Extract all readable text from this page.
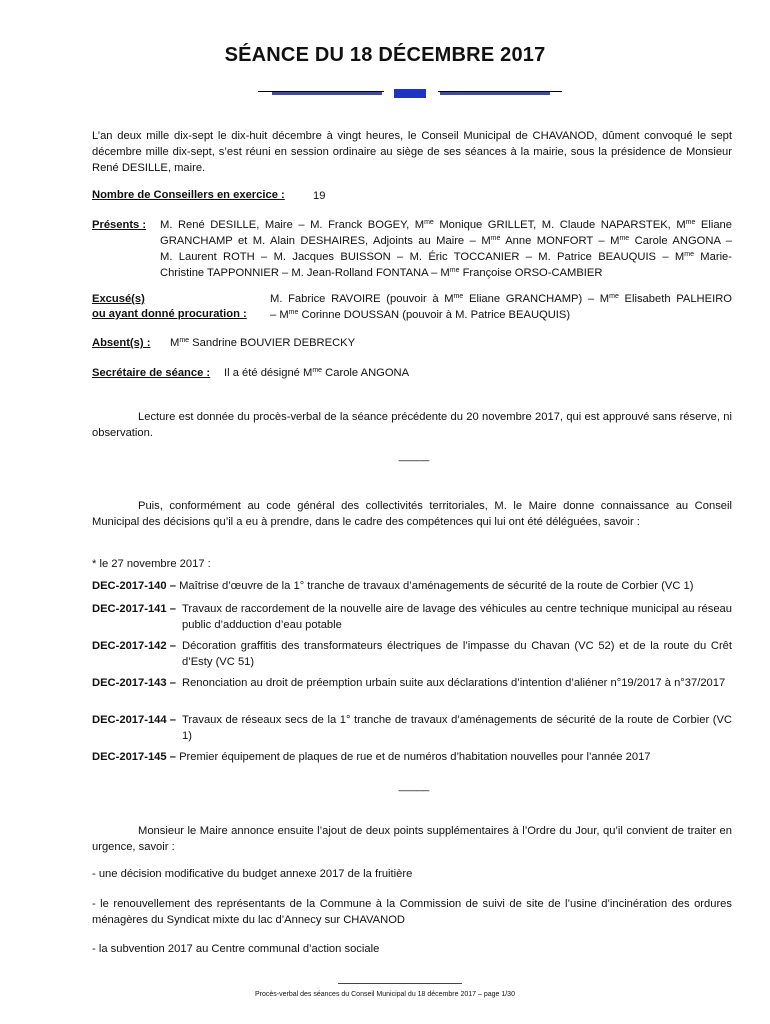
SÉANCE DU 18 DÉCEMBRE 2017
L’an deux mille dix-sept le dix-huit décembre à vingt heures, le Conseil Municipal de CHAVANOD, dûment convoqué le sept décembre mille dix-sept, s’est réuni en session ordinaire au siège de ses séances à la mairie, sous la présidence de Monsieur René DESILLE, maire.
Nombre de Conseillers en exercice :	19
Présents : M. René DESILLE, Maire – M. Franck BOGEY, $M^{me}$ Monique GRILLET, M. Claude NAPARSTEK, $M^{me}$ Eliane
GRANCHAMP et M. Alain DESHAIRES, Adjoints au Maire – $M^{me}$ Anne MONFORT – $M^{me}$ Carole ANGONA –
M. Laurent ROTH – M. Jacques BUISSON – M. Éric TOCCANIER – M. Patrice BEAUQUIS – $M^{me}$ Marie-
Christine TAPPONNIER – M. Jean-Rolland FONTANA – $M^{me}$ Françoise ORSO-CAMBIER
Excusé(s)
ou ayant donné procuration :
M. Fabrice RAVOIRE (pouvoir à $M^{me}$ Eliane GRANCHAMP) – $M^{me}$ Elisabeth PALHEIRO
– $M^{me}$ Corinne DOUSSAN (pouvoir à M. Patrice BEAUQUIS)
Absent(s) : $M^{me}$ Sandrine BOUVIER DEBRECKY
Secrétaire de séance : Il a été désigné $M^{me}$ Carole ANGONA
Lecture est donnée du procès-verbal de la séance précédente du 20 novembre 2017, qui est approuvé sans réserve, ni observation.
_____
Puis, conformément au code général des collectivités territoriales, M. le Maire donne connaissance au Conseil Municipal des décisions qu’il a eu à prendre, dans le cadre des compétences qui lui ont été déléguées, savoir :
* le 27 novembre 2017 :
DEC-2017-140 – Maîtrise d’œuvre de la 1° tranche de travaux d’aménagements de sécurité de la route de Corbier (VC 1)
DEC-2017-141 – Travaux de raccordement de la nouvelle aire de lavage des véhicules au centre technique municipal au réseau public d’adduction d’eau potable
DEC-2017-142 – Décoration graffitis des transformateurs électriques de l’impasse du Chavan (VC 52) et de la route du Crêt d’Esty (VC 51)
DEC-2017-143 – Renonciation au droit de préemption urbain suite aux déclarations d’intention d’aliéner n°19/2017 à n°37/2017
DEC-2017-144 – Travaux de réseaux secs de la 1° tranche de travaux d’aménagements de sécurité de la route de Corbier (VC 1)
DEC-2017-145 – Premier équipement de plaques de rue et de numéros d’habitation nouvelles pour l’année 2017
_____
Monsieur le Maire annonce ensuite l’ajout de deux points supplémentaires à l’Ordre du Jour, qu’il convient de traiter en urgence, savoir :
- une décision modificative du budget annexe 2017 de la fruitière
- le renouvellement des représentants de la Commune à la Commission de suivi de site de l’usine d’incinération des ordures ménagères du Syndicat mixte du lac d’Annecy sur CHAVANOD
- la subvention 2017 au Centre communal d’action sociale
Procès-verbal des séances du Conseil Municipal du 18 décembre 2017 – page 1/30
